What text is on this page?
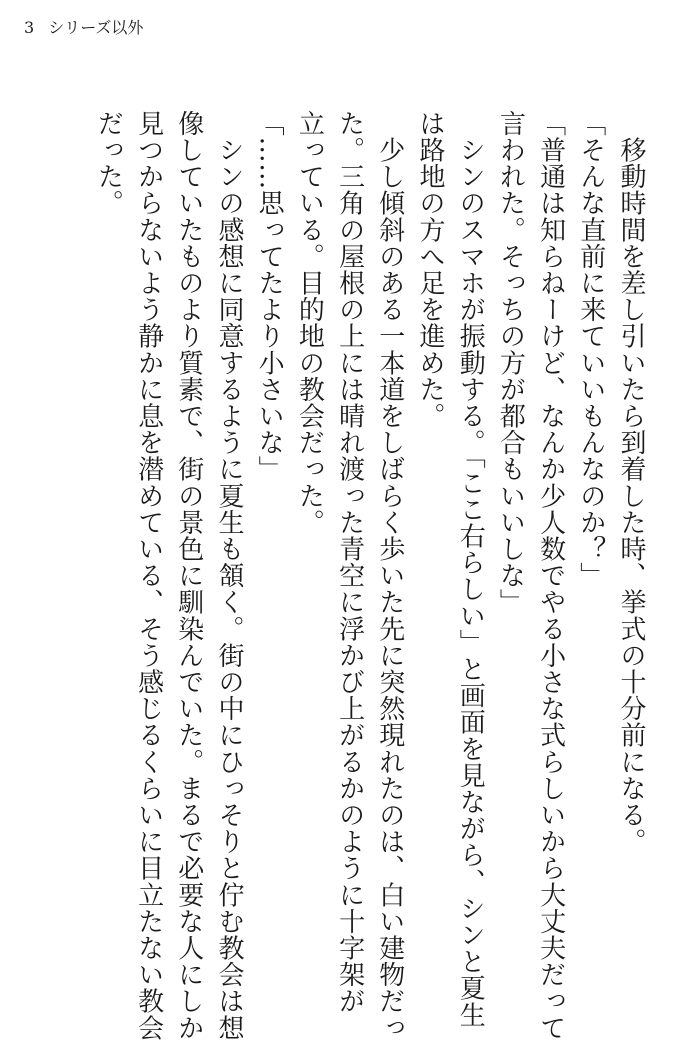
3 シリーズ以外
　移動時間を差し引いたら到着した時、挙式の十分前になる。
「そんな直前に来ていいもんなのか？」
「普通は知らねーけど、なんか少人数でやる小さな式らしいから大丈夫だって
言われた。そっちの方が都合もいいしな」
　シンのスマホが振動する。「ここ右らしい」と画面を見ながら、シンと夏生
は路地の方へ足を進めた。
　少し傾斜のある一本道をしばらく歩いた先に突然現れたのは、白い建物だっ
た。三角の屋根の上には晴れ渡った青空に浮かび上がるかのように十字架が
立っている。目的地の教会だった。
「……思ってたより小さいな」
　シンの感想に同意するように夏生も頷く。街の中にひっそりと佇む教会は想
像していたものより質素で、街の景色に馴染んでいた。まるで必要な人にしか
見つからないよう静かに息を潜めている、そう感じるくらいに目立たない教会
だった。
